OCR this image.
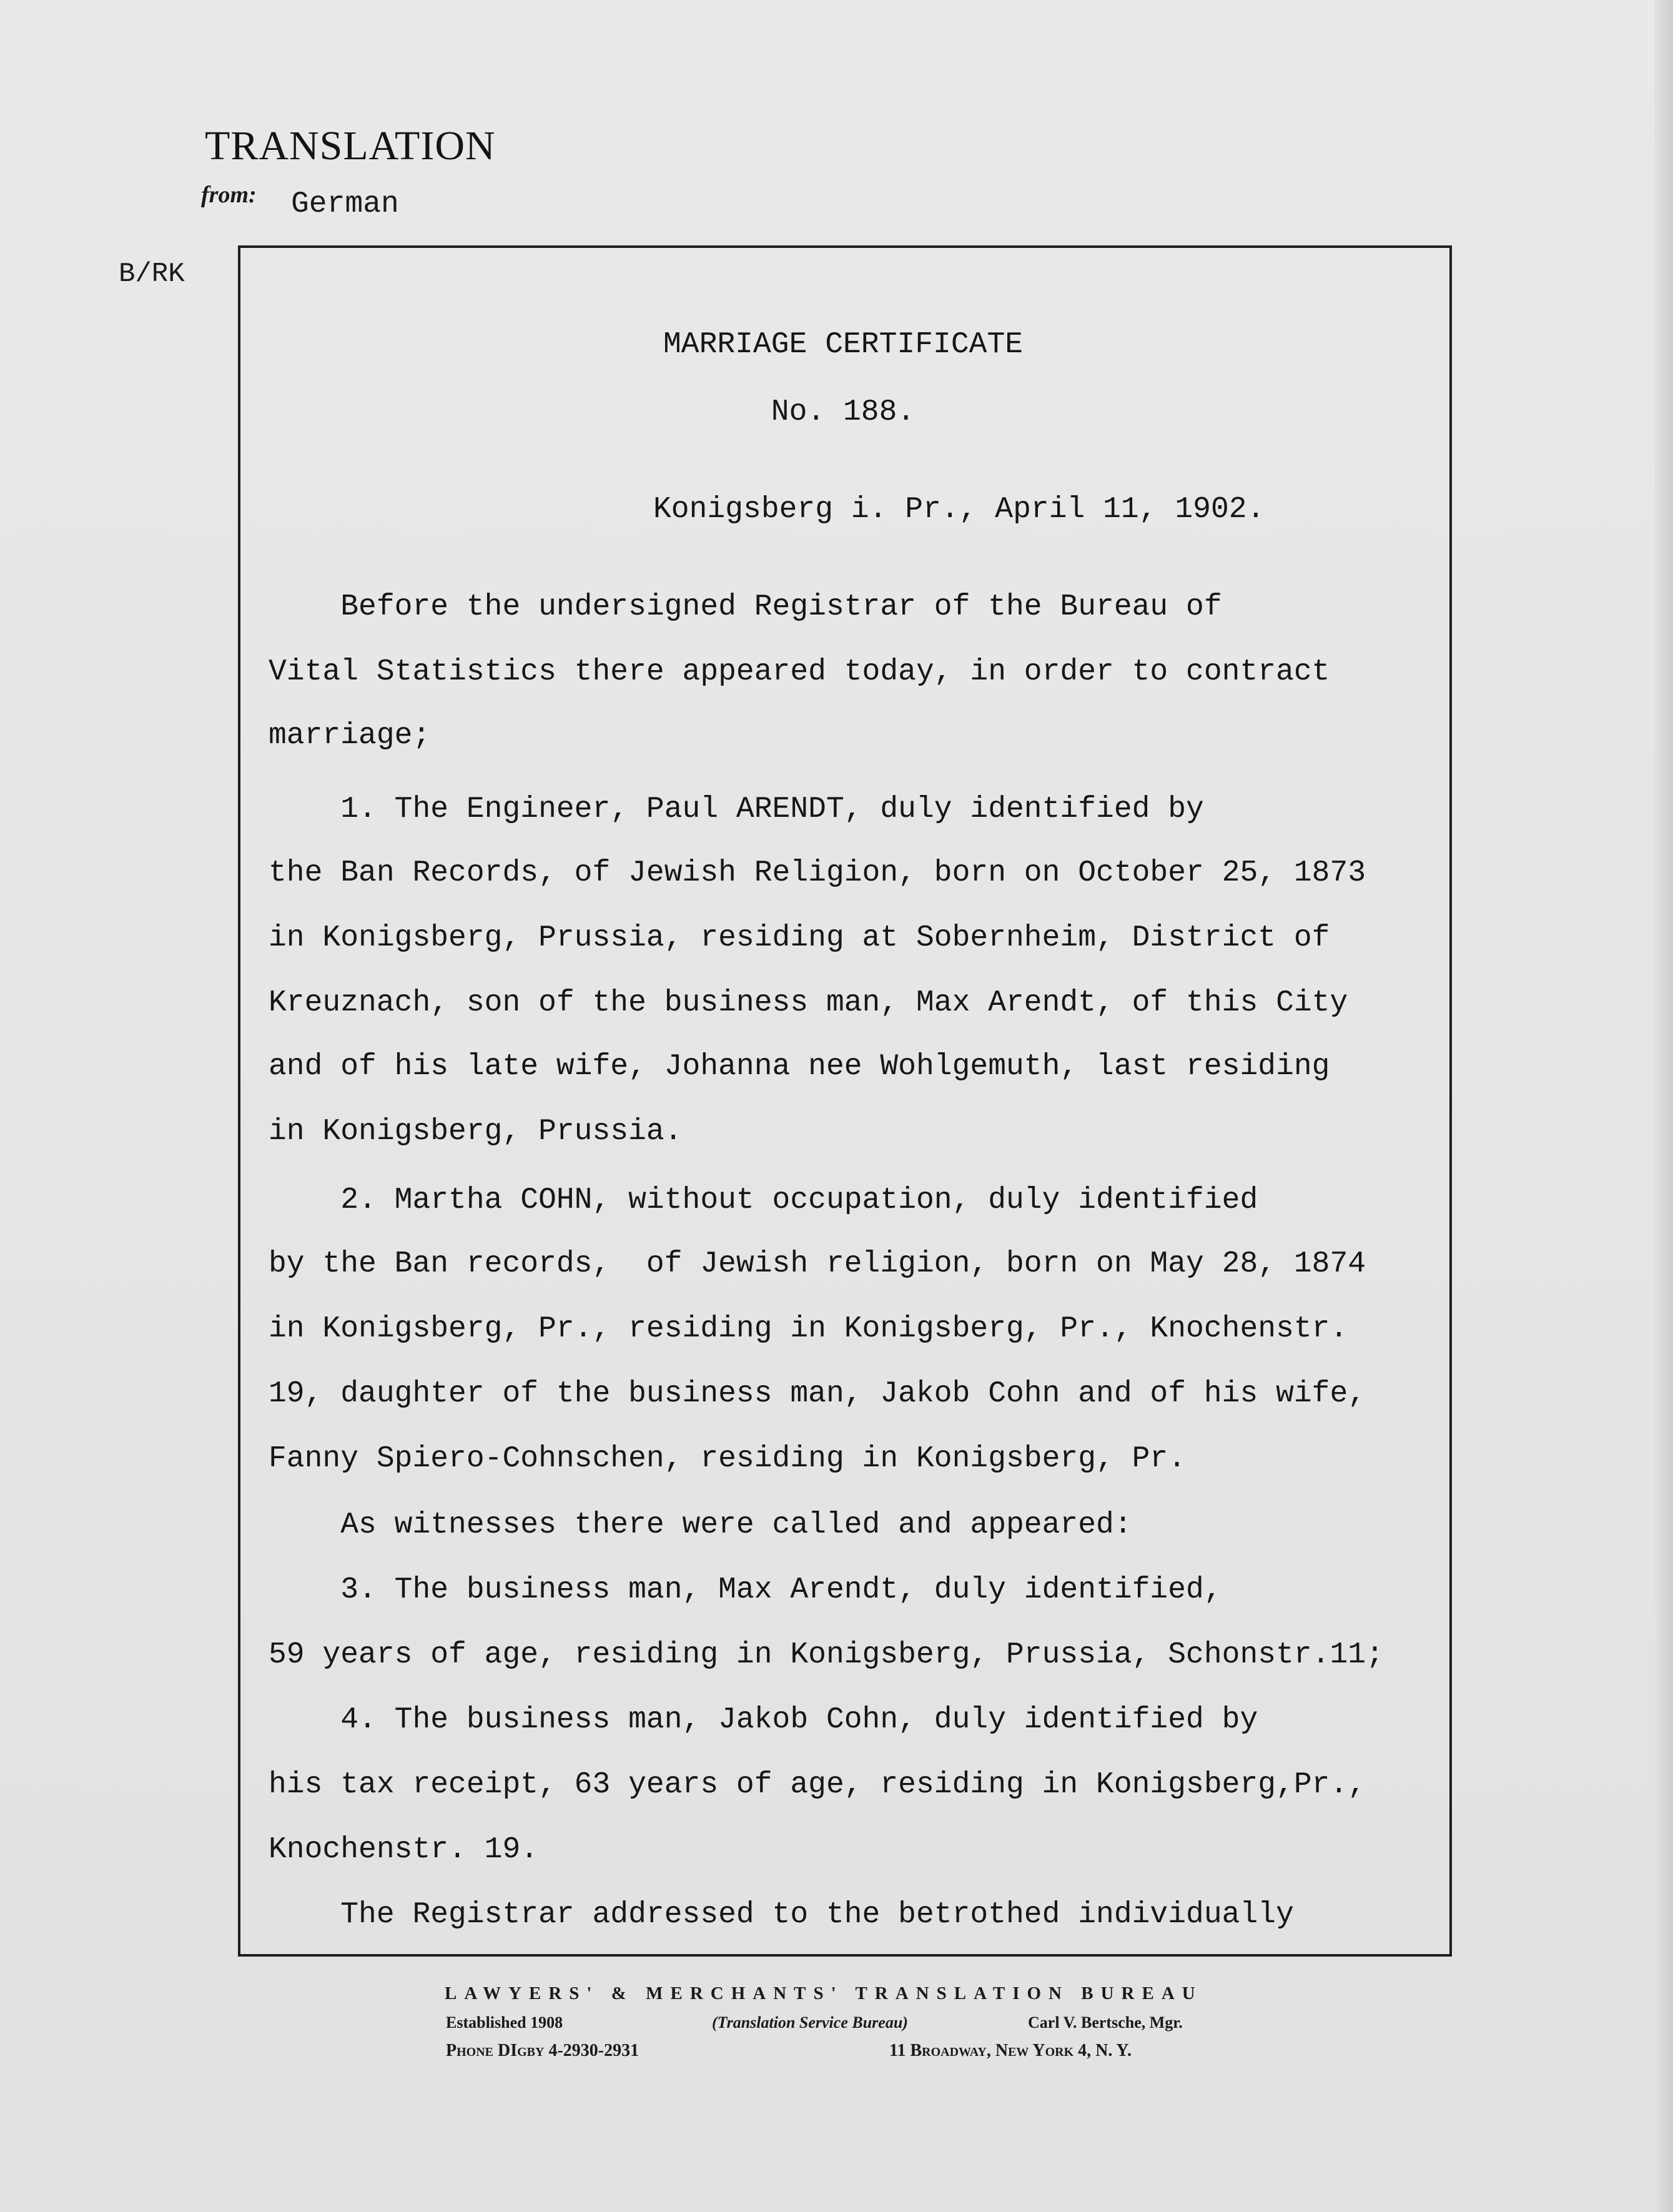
TRANSLATION
from: German
B/RK
MARRIAGE CERTIFICATE
No. 188.
Konigsberg i. Pr., April 11, 1902.
Before the undersigned Registrar of the Bureau of
Vital Statistics there appeared today, in order to contract
marriage;
1. The Engineer, Paul ARENDT, duly identified by
the Ban Records, of Jewish Religion, born on October 25, 1873
in Konigsberg, Prussia, residing at Sobernheim, District of
Kreuznach, son of the business man, Max Arendt, of this City
and of his late wife, Johanna nee Wohlgemuth, last residing
in Konigsberg, Prussia.
2. Martha COHN, without occupation, duly identified
by the Ban records,  of Jewish religion, born on May 28, 1874
in Konigsberg, Pr., residing in Konigsberg, Pr., Knochenstr.
19, daughter of the business man, Jakob Cohn and of his wife,
Fanny Spiero-Cohnschen, residing in Konigsberg, Pr.
As witnesses there were called and appeared:
3. The business man, Max Arendt, duly identified,
59 years of age, residing in Konigsberg, Prussia, Schonstr.11;
4. The business man, Jakob Cohn, duly identified by
his tax receipt, 63 years of age, residing in Konigsberg,Pr.,
Knochenstr. 19.
The Registrar addressed to the betrothed individually
LAWYERS' & MERCHANTS' TRANSLATION BUREAU
Established 1908	(Translation Service Bureau)	Carl V. Bertsche, Mgr.
Phone DIgby 4-2930-2931	11 Broadway, New York 4, N. Y.
